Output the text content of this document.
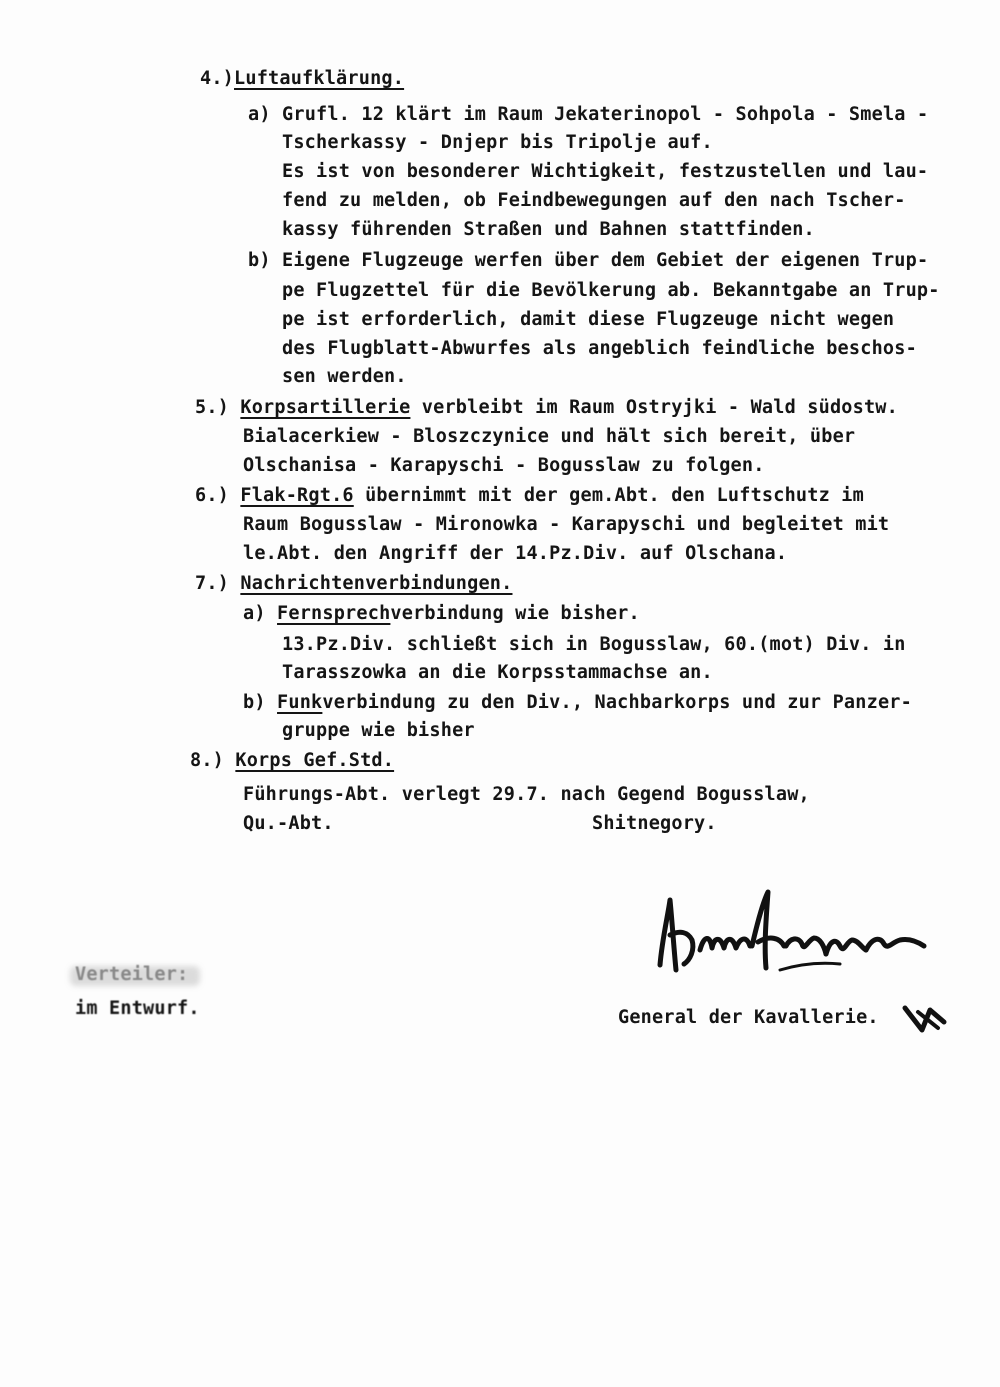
4.)Luftaufklärung.
a) Grufl. 12 klärt im Raum Jekaterinopol - Sohpola - Smela -
Tscherkassy - Dnjepr bis Tripolje auf.
Es ist von besonderer Wichtigkeit, festzustellen und lau-
fend zu melden, ob Feindbewegungen auf den nach Tscher-
kassy führenden Straßen und Bahnen stattfinden.
b) Eigene Flugzeuge werfen über dem Gebiet der eigenen Trup-
pe Flugzettel für die Bevölkerung ab. Bekanntgabe an Trup-
pe ist erforderlich, damit diese Flugzeuge nicht wegen
des Flugblatt-Abwurfes als angeblich feindliche beschos-
sen werden.
5.) Korpsartillerie verbleibt im Raum Ostryjki - Wald südostw.
Bialacerkiew - Bloszczynice und hält sich bereit, über
Olschanisa - Karapyschi - Bogusslaw zu folgen.
6.) Flak-Rgt.6 übernimmt mit der gem.Abt. den Luftschutz im
Raum Bogusslaw - Mironowka - Karapyschi und begleitet mit
le.Abt. den Angriff der 14.Pz.Div. auf Olschana.
7.) Nachrichtenverbindungen.
a) Fernsprechverbindung wie bisher.
13.Pz.Div. schließt sich in Bogusslaw, 60.(mot) Div. in
Tarasszowka an die Korpsstammachse an.
b) Funkverbindung zu den Div., Nachbarkorps und zur Panzer-
gruppe wie bisher
8.) Korps Gef.Std.
Führungs-Abt. verlegt 29.7. nach Gegend Bogusslaw,
Qu.-Abt.	Shitnegory.
Verteiler:
im Entwurf.	General der Kavallerie.
